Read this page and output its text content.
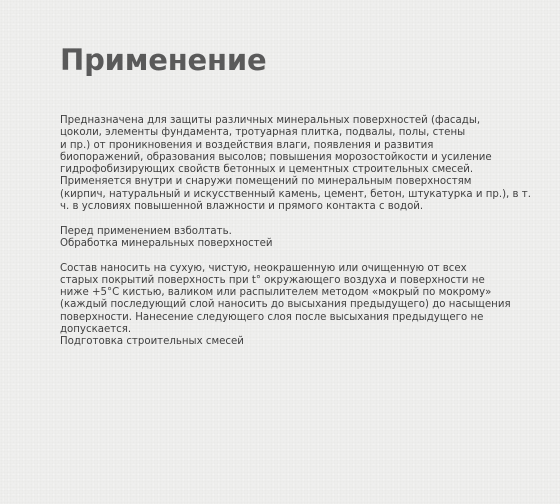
Применение

Предназначена для защиты различных минеральных поверхностей (фасады,
цоколи, элементы фундамента, тротуарная плитка, подвалы, полы, стены
и пр.) от проникновения и воздействия влаги, появления и развития
биопоражений, образования высолов; повышения морозостойкости и усиление
гидрофобизирующих свойств бетонных и цементных строительных смесей.
Применяется внутри и снаружи помещений по минеральным поверхностям
(кирпич, натуральный и искусственный камень, цемент, бетон, штукатурка и пр.), в т.
ч. в условиях повышенной влажности и прямого контакта с водой.

Перед применением взболтать.
Обработка минеральных поверхностей

Состав наносить на сухую, чистую, неокрашенную или очищенную от всех
старых покрытий поверхность при t° окружающего воздуха и поверхности не
ниже +5°С кистью, валиком или распылителем методом «мокрый по мокрому»
(каждый последующий слой наносить до высыхания предыдущего) до насыщения
поверхности. Нанесение следующего слоя после высыхания предыдущего не
допускается.
Подготовка строительных смесей
